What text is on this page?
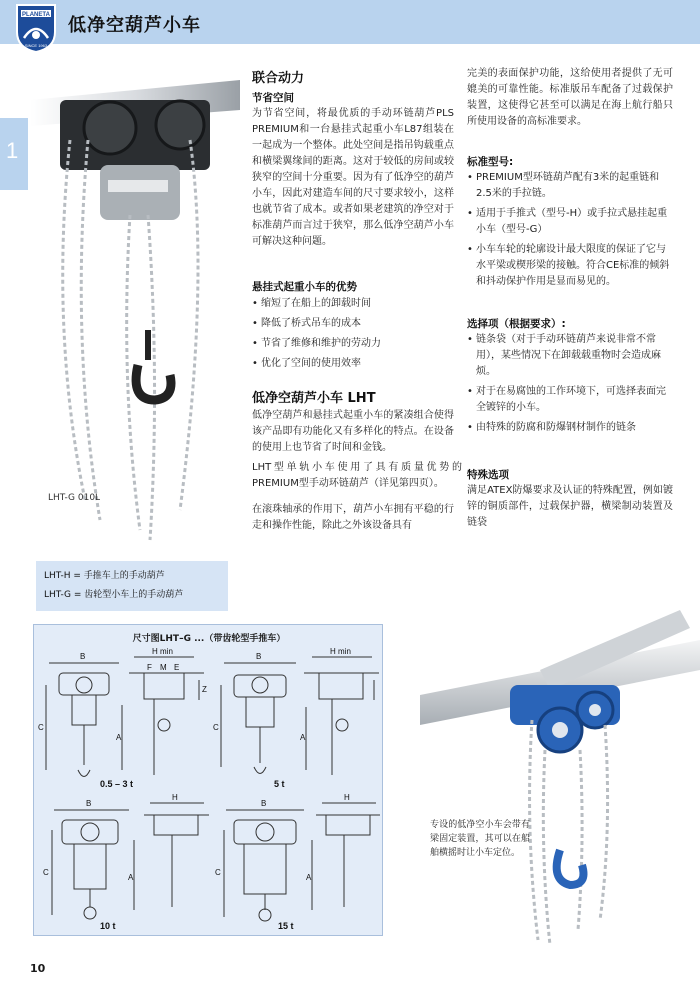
PLANETA
SINCE 1963
低净空葫芦小车
1
LHT-G 010L
联合动力
节省空间
为节省空间，将最优质的手动环链葫芦PLS PREMIUM和一台悬挂式起重小车L87组装在一起成为一个整体。此处空间是指吊钩载重点和横梁翼缘间的距离。这对于较低的房间或较狭窄的空间十分重要。因为有了低净空的葫芦小车，因此对建造车间的尺寸要求较小，这样也就节省了成本。或者如果老建筑的净空对于标准葫芦而言过于狭窄，那么低净空葫芦小车可解决这种问题。
悬挂式起重小车的优势
• 缩短了在船上的卸载时间
• 降低了桥式吊车的成本
• 节省了维修和维护的劳动力
• 优化了空间的使用效率
低净空葫芦小车 LHT
低净空葫芦和悬挂式起重小车的紧凑组合使得该产品即有功能化又有多样化的特点。在设备的使用上也节省了时间和金钱。
LHT型单轨小车使用了具有质量优势的PREMIUM型手动环链葫芦（详见第四页）。
在滚珠轴承的作用下，葫芦小车拥有平稳的行走和操作性能，除此之外该设备具有
完美的表面保护功能，这给使用者提供了无可媲美的可靠性能。标准版吊车配备了过载保护装置，这使得它甚至可以满足在海上航行船只所使用设备的高标准要求。
标准型号:
• PREMIUM型环链葫芦配有3米的起重链和2.5米的手拉链。
• 适用于手推式（型号-H）或手拉式悬挂起重小车（型号-G）
• 小车车轮的轮廓设计最大限度的保证了它与水平梁或楔形梁的接触。符合CE标准的倾斜和抖动保护作用是显而易见的。
选择项（根据要求）:
• 链条袋（对于手动环链葫芦来说非常不常用），某些情况下在卸载载重物时会造成麻烦。
• 对于在易腐蚀的工作环境下，可选择表面完全镀锌的小车。
• 由特殊的防腐和防爆钢材制作的链条
特殊选项
满足ATEX防爆要求及认证的特殊配置，例如镀锌的铜质部件，过载保护器，横梁制动装置及链袋
LHT-H = 手推车上的手动葫芦
LHT-G = 齿轮型小车上的手动葫芦
尺寸图LHT–G ...（带齿轮型手推车）
B
H min
F M E
Z
C
A
B
H min
C
A
B
H
C
A
B
H
C
A
0.5 – 3 t	5 t
10 t	15 t
专设的低净空小车会带有梁固定装置，其可以在船舶横摇时让小车定位。
10
